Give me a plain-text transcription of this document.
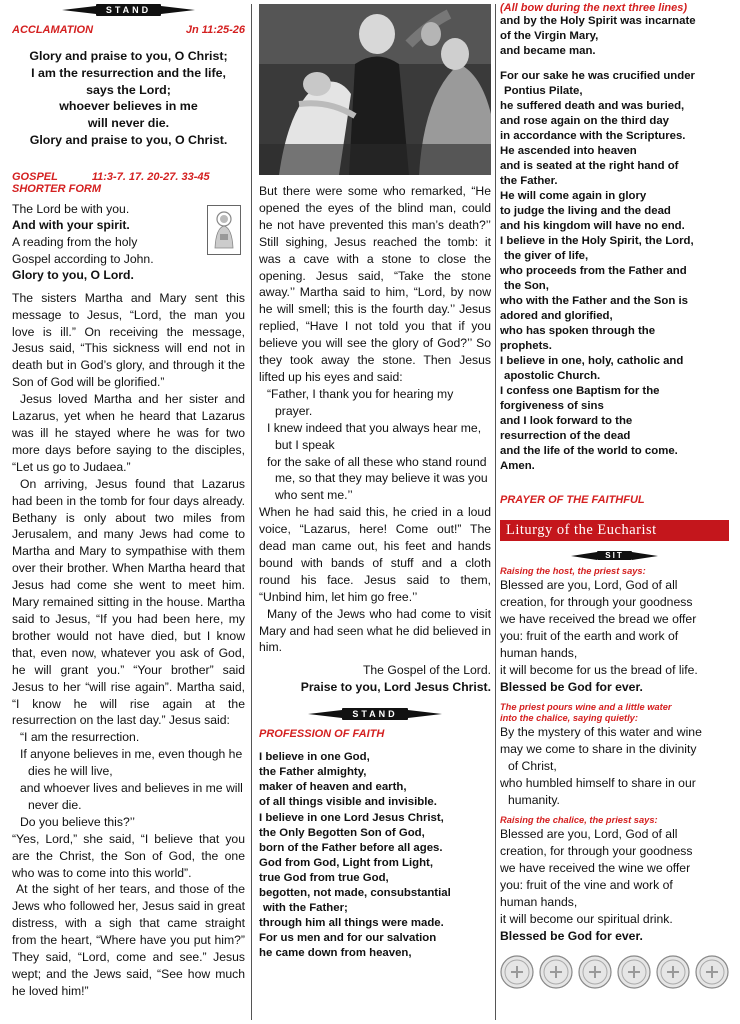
STAND
ACCLAMATION	Jn 11:25-26

Glory and praise to you, O Christ;

I am the resurrection and the life,

says the Lord;

whoever believes in me

will never die.

Glory and praise to you, O Christ.

GOSPEL	11:3-7. 17. 20-27. 33-45
SHORTER FORM

The Lord be with you.

And with your spirit.

A reading from the holy

Gospel according to John.

Glory to you, O Lord.

The sisters Martha and Mary sent this message to Jesus, “Lord, the man you love is ill.” On receiving the message, Jesus said, “This sickness will end not in death but in God’s glory, and through it the Son of God will be glorified.”

Jesus loved Martha and her sister and Lazarus, yet when he heard that Lazarus was ill he stayed where he was for two more days before saying to the disciples, “Let us go to Judaea.”

On arriving, Jesus found that Lazarus had been in the tomb for four days already. Bethany is only about two miles from Jerusalem, and many Jews had come to Martha and Mary to sympathise with them over their brother. When Martha heard that Jesus had come she went to meet him. Mary remained sitting in the house. Martha said to Jesus, “If you had been here, my brother would not have died, but I know that, even now, whatever you ask of God, he will grant you.” “Your brother” said Jesus to her “will rise again”. Martha said, “I know he will rise again at the resurrection on the last day.” Jesus said:

“I am the resurrection.

If anyone believes in me, even though he dies he will live,

and whoever lives and believes in me will never die.

Do you believe this?’’

“Yes, Lord,” she said, “I believe that you are the Christ, the Son of God, the one who was to come into this world”.

At the sight of her tears, and those of the Jews who followed her, Jesus said in great distress, with a sigh that came straight from the heart, “Where have you put him?” They said, “Lord, come and see.” Jesus wept; and the Jews said, “See how much he loved him!”

But there were some who remarked, “He opened the eyes of the blind man, could he not have prevented this man’s death?’’ Still sighing, Jesus reached the tomb: it was a cave with a stone to close the opening. Jesus said, “Take the stone away.’’ Martha said to him, “Lord, by now he will smell; this is the fourth day.’’ Jesus replied, “Have I not told you that if you believe you will see the glory of God?’’ So they took away the stone. Then Jesus lifted up his eyes and said:

“Father, I thank you for hearing my prayer.

I knew indeed that you always hear me, but I speak

for the sake of all these who stand round me, so that they may believe it was you who sent me.’’

When he had said this, he cried in a loud voice, “Lazarus, here! Come out!” The dead man came out, his feet and hands bound with bands of stuff and a cloth round his face. Jesus said to them, “Unbind him, let him go free.’’

Many of the Jews who had come to visit Mary and had seen what he did believed in him.

The Gospel of the Lord.

Praise to you, Lord Jesus Christ.

STAND
PROFESSION OF FAITH

I believe in one God,

the Father almighty,

maker of heaven and earth,

of all things visible and invisible.

I believe in one Lord Jesus Christ,

the Only Begotten Son of God,

born of the Father before all ages.

God from God, Light from Light,

true God from true God,

begotten, not made, consubstantial

with the Father;

through him all things were made.

For us men and for our salvation

he came down from heaven,

(All bow during the next three lines)

and by the Holy Spirit was incarnate

of the Virgin Mary,

and became man.

For our sake he was crucified under

Pontius Pilate,

he suffered death and was buried,

and rose again on the third day

in accordance with the Scriptures.

He ascended into heaven

and is seated at the right hand of

the Father.

He will come again in glory

to judge the living and the dead

and his kingdom will have no end.

I believe in the Holy Spirit, the Lord,

the giver of life,

who proceeds from the Father and

the Son,

who with the Father and the Son is

adored and glorified,

who has spoken through the

prophets.

I believe in one, holy, catholic and

apostolic Church.

I confess one Baptism for the

forgiveness of sins

and I look forward to the

resurrection of the dead

and the life of the world to come.

Amen.

PRAYER OF THE FAITHFUL
Liturgy of the Eucharist
SIT
Raising the host, the priest says:

Blessed are you, Lord, God of all

creation, for through your goodness

we have received the bread we offer

you: fruit of the earth and work of

human hands,

it will become for us the bread of life.

Blessed be God for ever.

The priest pours wine and a little water

into the chalice, saying quietly:

By the mystery of this water and wine

may we come to share in the divinity

of Christ,

who humbled himself to share in our

humanity.

Raising the chalice, the priest says:

Blessed are you, Lord, God of all

creation, for through your goodness

we have received the wine we offer

you: fruit of the vine and work of

human hands,

it will become our spiritual drink.

Blessed be God for ever.
